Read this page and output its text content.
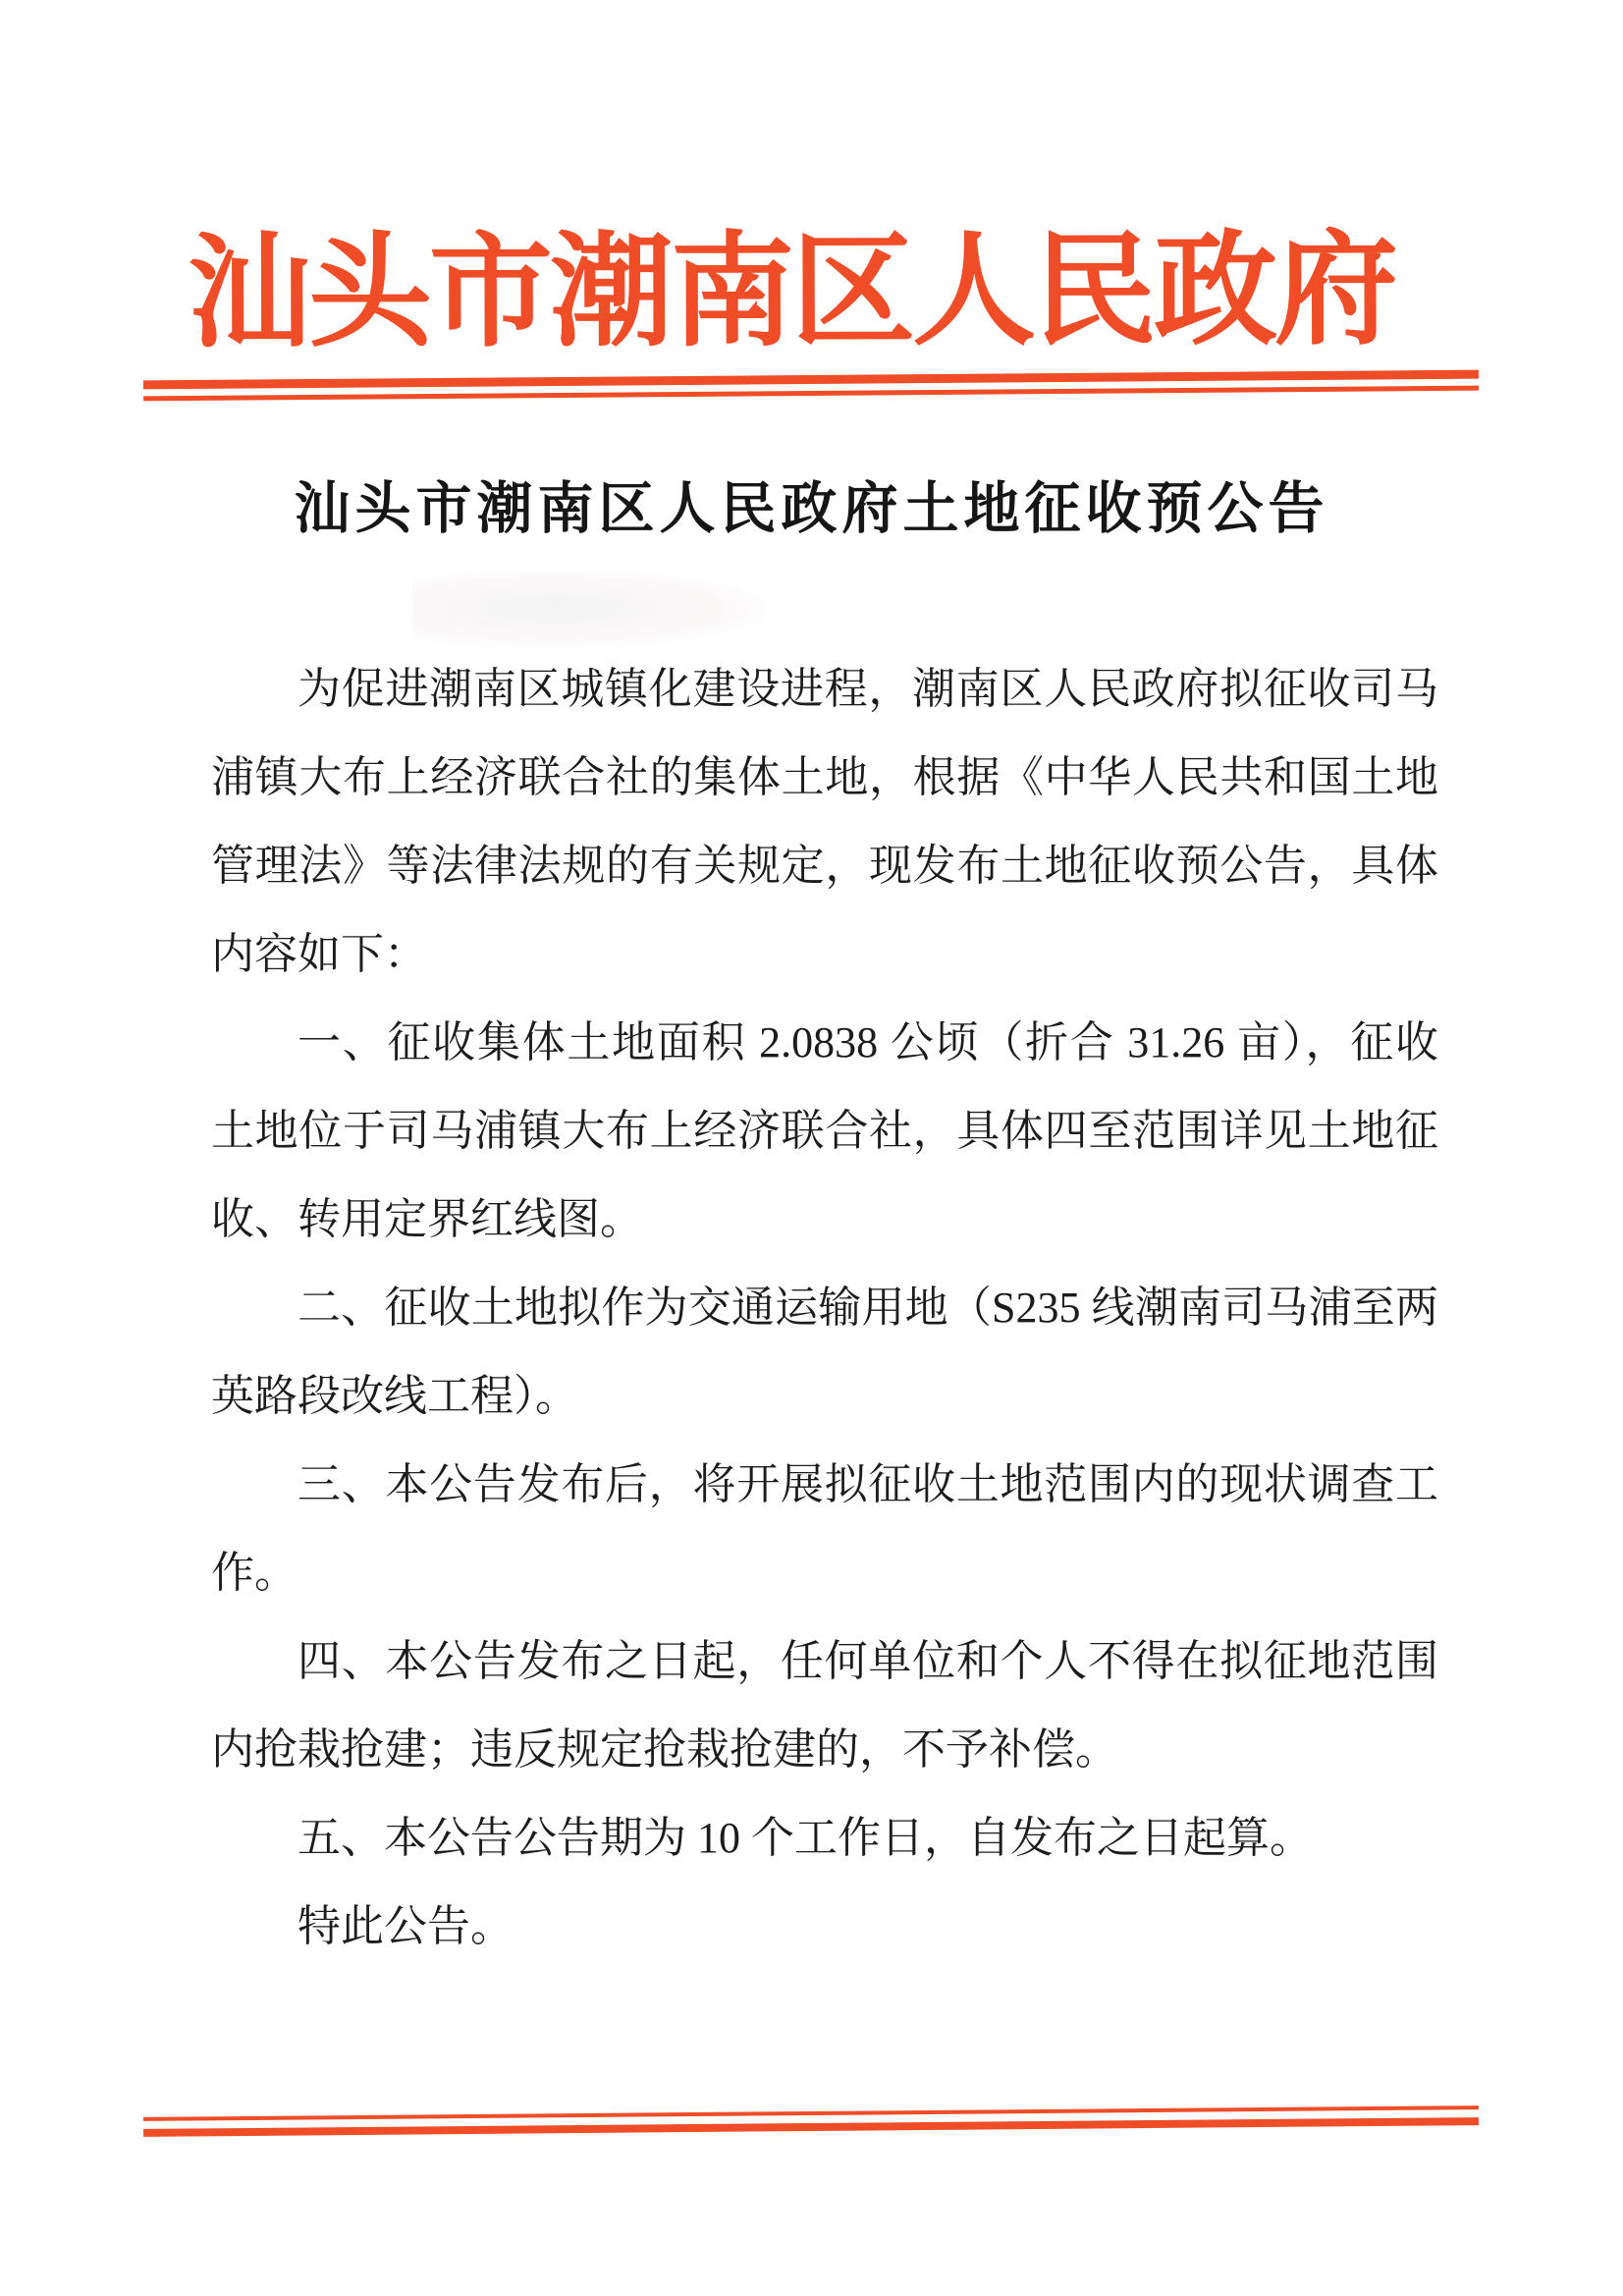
汕头市潮南区人民政府
汕头市潮南区人民政府土地征收预公告

为促进潮南区城镇化建设进程，潮南区人民政府拟征收司马浦镇大布上经济联合社的集体土地，根据《中华人民共和国土地管理法》等法律法规的有关规定，现发布土地征收预公告，具体内容如下：

一、征收集体土地面积 2.0838 公顷（折合 31.26 亩），征收土地位于司马浦镇大布上经济联合社，具体四至范围详见土地征收、转用定界红线图。

二、征收土地拟作为交通运输用地（S235 线潮南司马浦至两英路段改线工程）。

三、本公告发布后，将开展拟征收土地范围内的现状调查工作。

四、本公告发布之日起，任何单位和个人不得在拟征地范围内抢栽抢建；违反规定抢栽抢建的，不予补偿。

五、本公告公告期为 10 个工作日，自发布之日起算。

特此公告。
